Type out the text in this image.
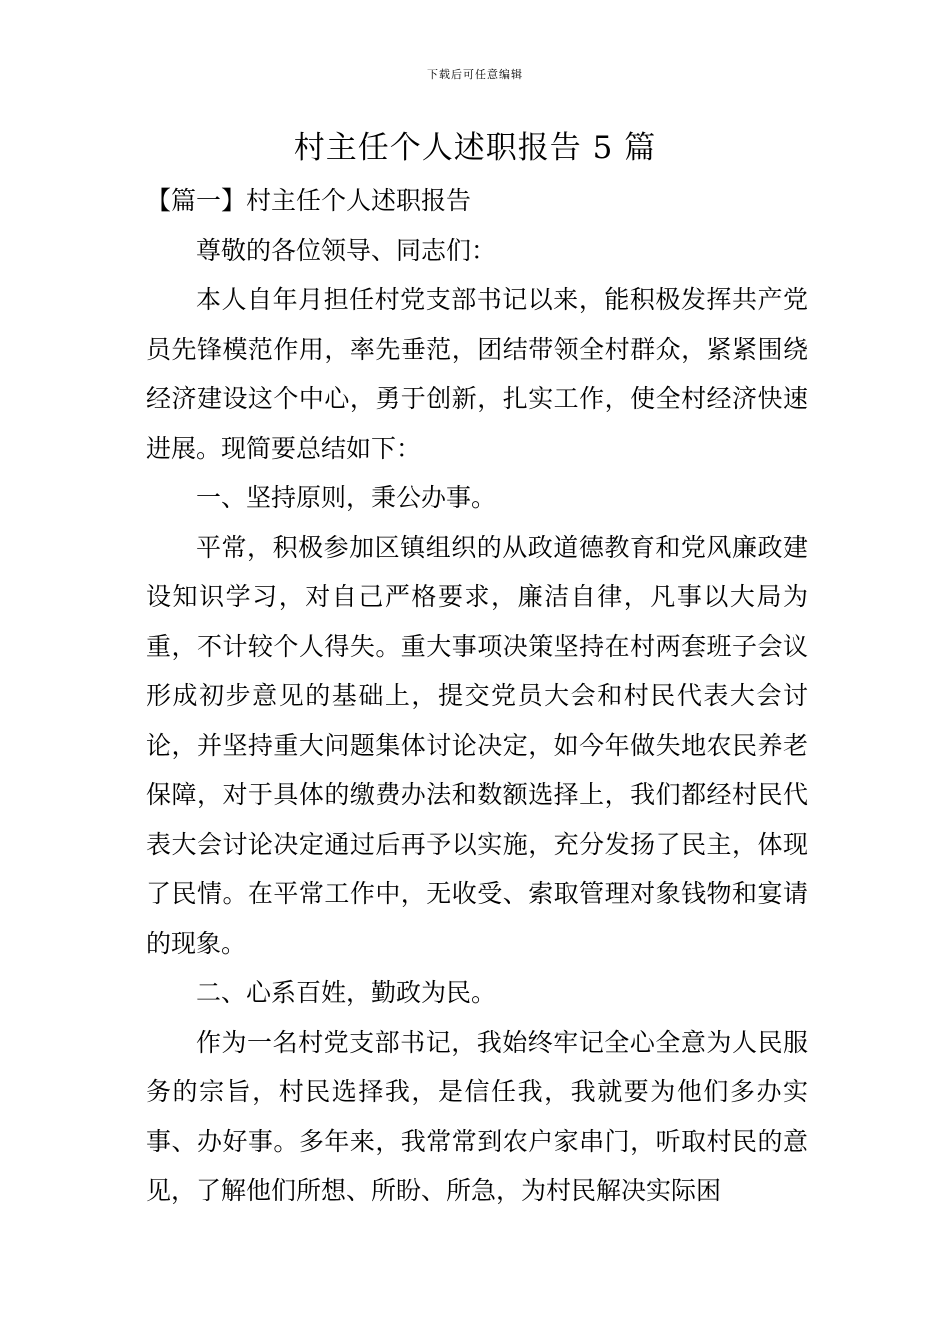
下载后可任意编辑
村主任个人述职报告 5 篇

【篇一】村主任个人述职报告

尊敬的各位领导、同志们：

本人自年月担任村党支部书记以来，能积极发挥共产党员先锋模范作用，率先垂范，团结带领全村群众，紧紧围绕经济建设这个中心，勇于创新，扎实工作，使全村经济快速进展。现简要总结如下：

一、坚持原则，秉公办事。

平常，积极参加区镇组织的从政道德教育和党风廉政建设知识学习，对自己严格要求，廉洁自律，凡事以大局为重，不计较个人得失。重大事项决策坚持在村两套班子会议形成初步意见的基础上，提交党员大会和村民代表大会讨论，并坚持重大问题集体讨论决定，如今年做失地农民养老保障，对于具体的缴费办法和数额选择上，我们都经村民代表大会讨论决定通过后再予以实施，充分发扬了民主，体现了民情。在平常工作中，无收受、索取管理对象钱物和宴请的现象。

二、心系百姓，勤政为民。

作为一名村党支部书记，我始终牢记全心全意为人民服务的宗旨，村民选择我，是信任我，我就要为他们多办实事、办好事。多年来，我常常到农户家串门，听取村民的意见，了解他们所想、所盼、所急，为村民解决实际困
